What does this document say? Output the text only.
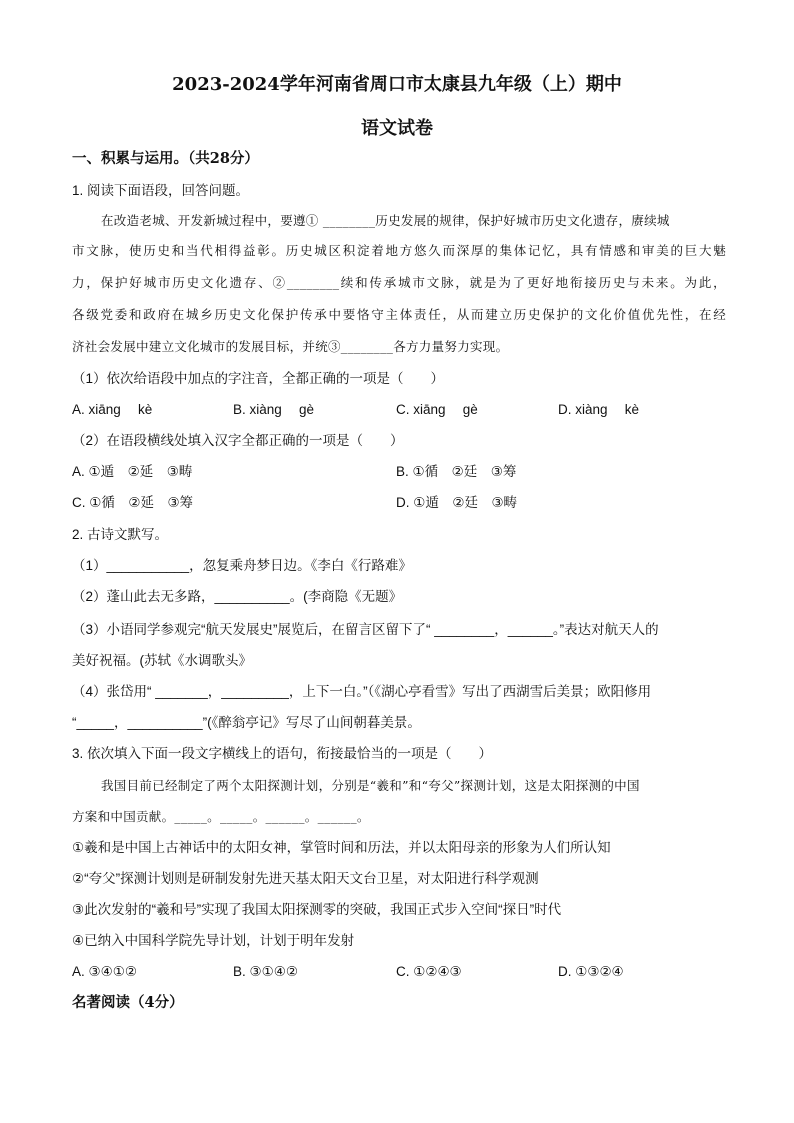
2023-2024学年河南省周口市太康县九年级（上）期中
语文试卷
一、积累与运用。（共28分）
1. 阅读下面语段，回答问题。
在改造老城、开发新城过程中，要遵① ________历史发展的规律，保护好城市历史文化遗存，赓续城
市文脉，使历史和当代相得益彰。历史城区积淀着地方悠久而深厚的集体记忆，具有情感和审美的巨大魅
力，保护好城市历史文化遗存、②________续和传承城市文脉，就是为了更好地衔接历史与未来。为此，
各级党委和政府在城乡历史文化保护传承中要恪守主体责任，从而建立历史保护的文化价值优先性，在经
济社会发展中建立文化城市的发展目标，并统③________各方力量努力实现。
（1）依次给语段中加点的字注音，全都正确的一项是（　　）
A. xiāng　 kè	B. xiàng　 gè	C. xiāng　 gè	D. xiàng　 kè
（2）在语段横线处填入汉字全都正确的一项是（　　）
A. ①遁　②延　③畴	B. ①循　②廷　③筹
C. ①循　②延　③筹	D. ①遁　②廷　③畴
2. 古诗文默写。
（1）___________，忽复乘舟梦日边。《李白《行路难》
（2）蓬山此去无多路，__________。(李商隐《无题》
（3）小语同学参观完“航天发展史”展览后，在留言区留下了“ ________，______。”表达对航天人的
美好祝福。(苏轼《水调歌头》
（4）张岱用“ _______，_________，上下一白。”（《湖心亭看雪》写出了西湖雪后美景；欧阳修用
“_____，__________”(《醉翁亭记》写尽了山间朝暮美景。
3. 依次填入下面一段文字横线上的语句，衔接最恰当的一项是（　　）
我国目前已经制定了两个太阳探测计划，分别是“羲和”和“夸父”探测计划，这是太阳探测的中国
方案和中国贡献。_____。_____。______。______。
①羲和是中国上古神话中的太阳女神，掌管时间和历法，并以太阳母亲的形象为人们所认知
②“夸父”探测计划则是研制发射先进天基太阳天文台卫星，对太阳进行科学观测
③此次发射的“羲和号”实现了我国太阳探测零的突破，我国正式步入空间“探日”时代
④已纳入中国科学院先导计划，计划于明年发射
A. ③④①②	B. ③①④②	C. ①②④③	D. ①③②④
名著阅读（4分）
